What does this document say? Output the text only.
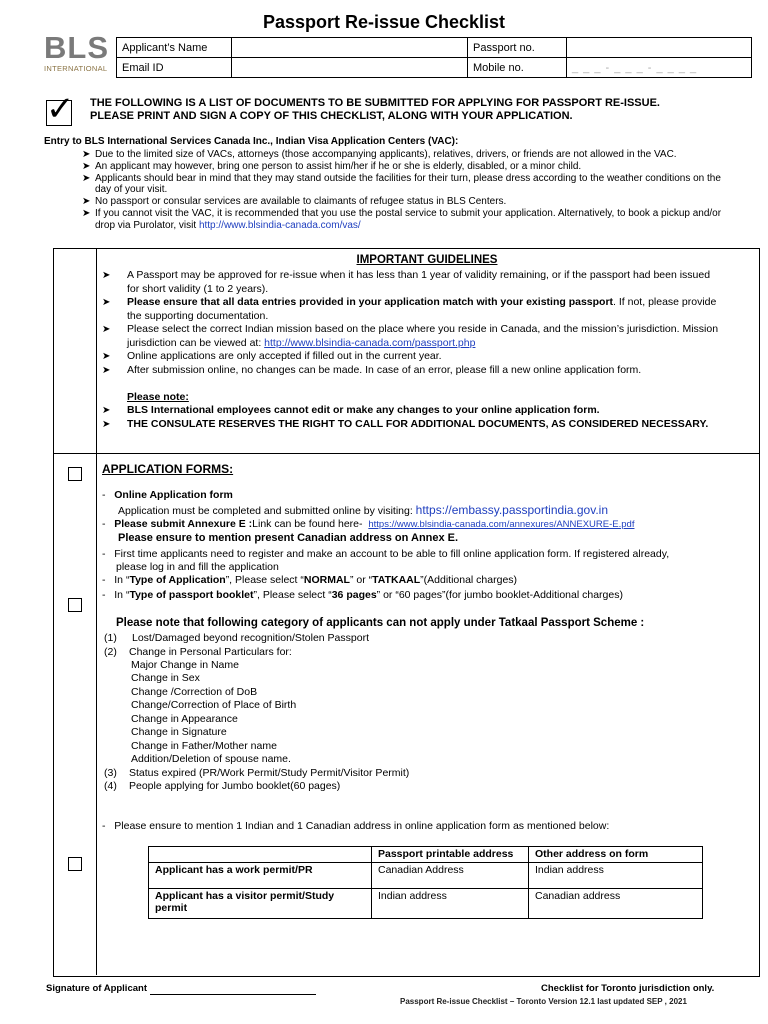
Passport Re-issue Checklist
BLS
INTERNATIONAL
Applicant’s Name		Passport no.	
Email ID		Mobile no.	_ _ _ - _ _ _ - _ _ _ _
✓ THE FOLLOWING IS A LIST OF DOCUMENTS TO BE SUBMITTED FOR APPLYING FOR PASSPORT RE-ISSUE.
PLEASE PRINT AND SIGN A COPY OF THIS CHECKLIST, ALONG WITH YOUR APPLICATION.
Entry to BLS International Services Canada Inc., Indian Visa Application Centers (VAC):
➤ Due to the limited size of VACs, attorneys (those accompanying applicants), relatives, drivers, or friends are not allowed in the VAC.
➤ An applicant may however, bring one person to assist him/her if he or she is elderly, disabled, or a minor child.
➤ Applicants should bear in mind that they may stand outside the facilities for their turn, please dress according to the weather conditions on the day of your visit.
➤ No passport or consular services are available to claimants of refugee status in BLS Centers.
➤ If you cannot visit the VAC, it is recommended that you use the postal service to submit your application. Alternatively, to book a pickup and/or drop via Purolator, visit http://www.blsindia-canada.com/vas/
IMPORTANT GUIDELINES
➤ A Passport may be approved for re-issue when it has less than 1 year of validity remaining, or if the passport had been issued for short validity (1 to 2 years).
➤ Please ensure that all data entries provided in your application match with your existing passport. If not, please provide the supporting documentation.
➤ Please select the correct Indian mission based on the place where you reside in Canada, and the mission’s jurisdiction. Mission jurisdiction can be viewed at: http://www.blsindia-canada.com/passport.php
➤ Online applications are only accepted if filled out in the current year.
➤ After submission online, no changes can be made. In case of an error, please fill a new online application form.
Please note:
➤ BLS International employees cannot edit or make any changes to your online application form.
➤ THE CONSULATE RESERVES THE RIGHT TO CALL FOR ADDITIONAL DOCUMENTS, AS CONSIDERED NECESSARY.
APPLICATION FORMS:
- Online Application form
Application must be completed and submitted online by visiting: https://embassy.passportindia.gov.in
- Please submit Annexure E :Link can be found here-  https://www.blsindia-canada.com/annexures/ANNEXURE-E.pdf
Please ensure to mention present Canadian address on Annex E.
- First time applicants need to register and make an account to be able to fill online application form. If registered already,
please log in and fill the application
- In “Type of Application”, Please select “NORMAL” or “TATKAAL”(Additional charges)
- In “Type of passport booklet”, Please select “36 pages” or “60 pages”(for jumbo booklet-Additional charges)
Please note that following category of applicants can not apply under Tatkaal Passport Scheme :
(1) Lost/Damaged beyond recognition/Stolen Passport
(2) Change in Personal Particulars for:
Major Change in Name
Change in Sex
Change /Correction of DoB
Change/Correction of Place of Birth
Change in Appearance
Change in Signature
Change in Father/Mother name
Addition/Deletion of spouse name.
(3) Status expired (PR/Work Permit/Study Permit/Visitor Permit)
(4) People applying for Jumbo booklet(60 pages)
- Please ensure to mention 1 Indian and 1 Canadian address in online application form as mentioned below:
	Passport printable address	Other address on form
Applicant has a work permit/PR	Canadian Address	Indian address
Applicant has a visitor permit/Study permit	Indian address	Canadian address
Signature of Applicant	Checklist for Toronto jurisdiction only.
Passport Re-issue Checklist – Toronto Version 12.1 last updated SEP , 2021
